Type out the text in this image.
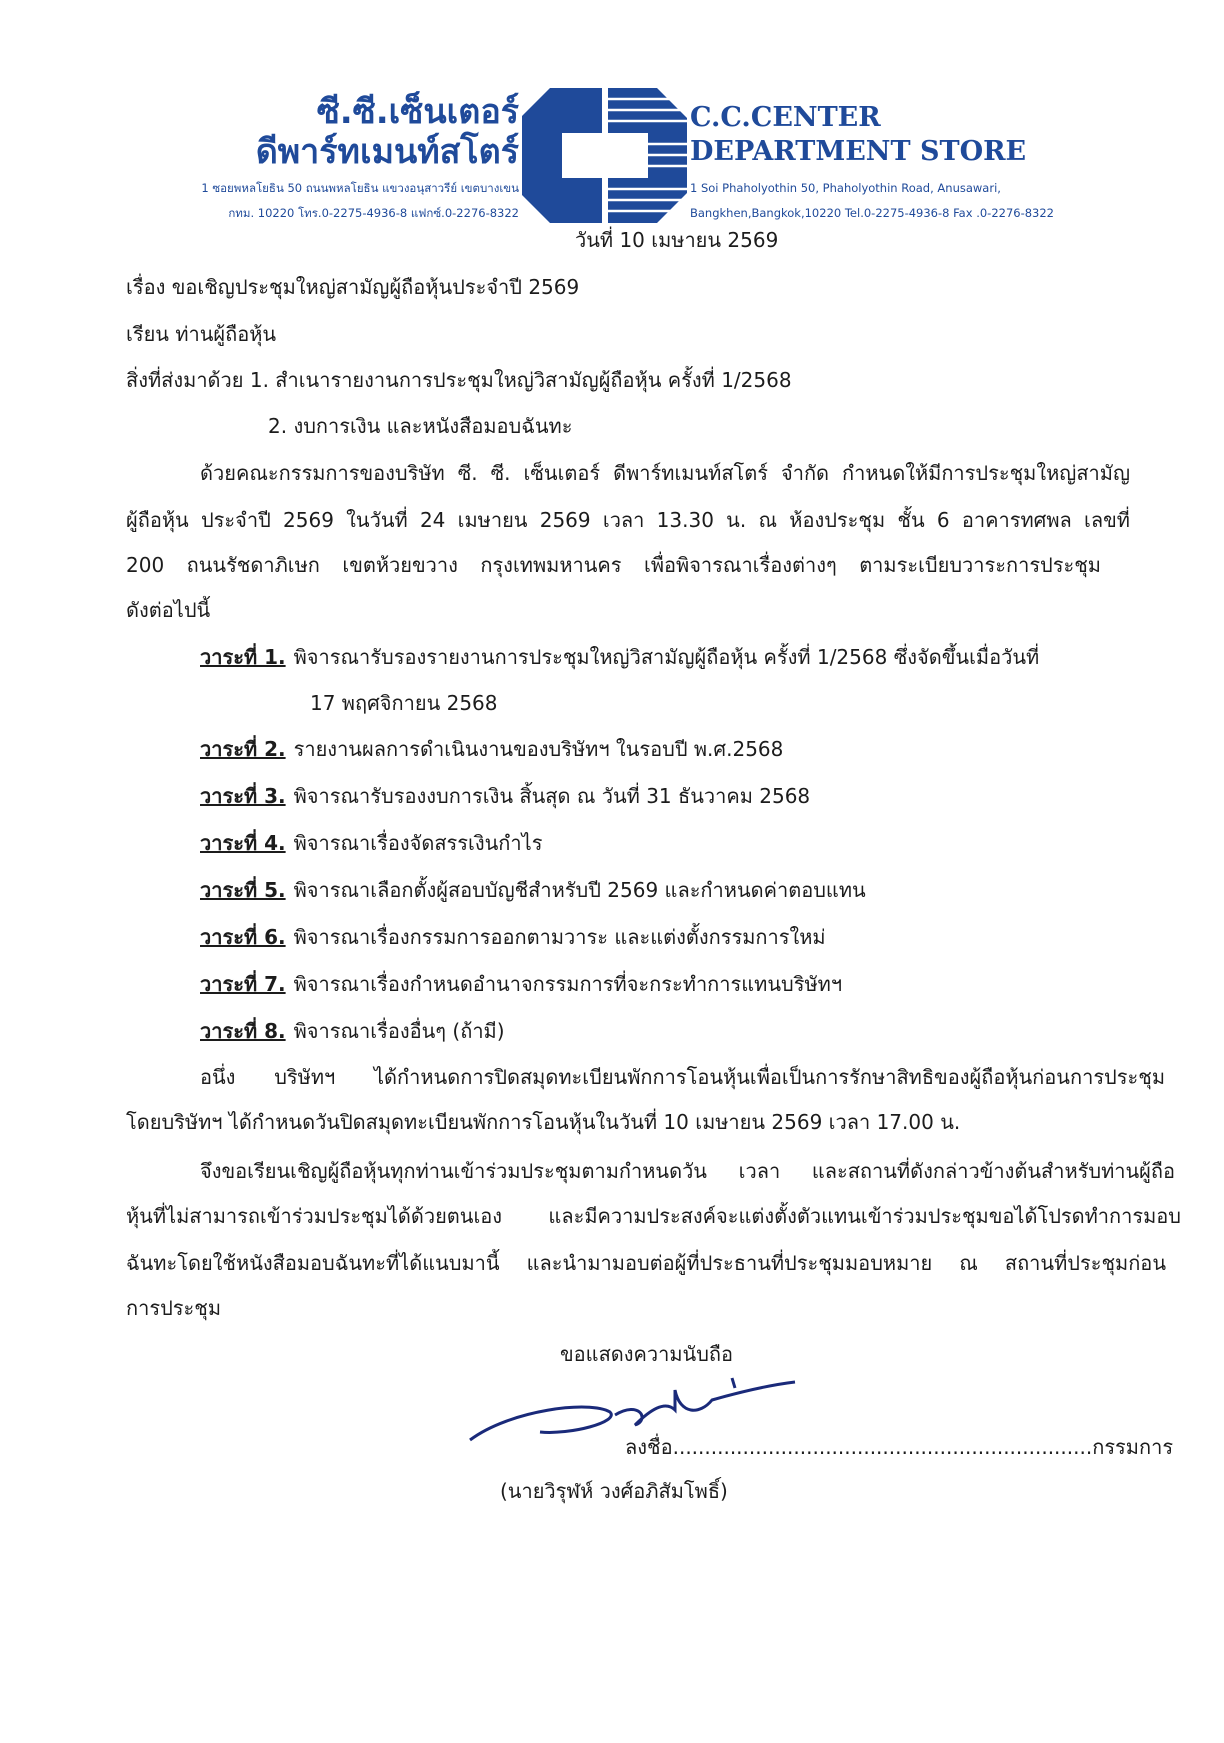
ซี.ซี.เซ็นเตอร์
ดีพาร์ทเมนท์สโตร์
1 ซอยพหลโยธิน 50 ถนนพหลโยธิน แขวงอนุสาวรีย์ เขตบางเขน
กทม. 10220 โทร.0-2275-4936-8 แฟกซ์.0-2276-8322
C.C.CENTER
DEPARTMENT STORE
1 Soi Phaholyothin 50, Phaholyothin Road, Anusawari,
Bangkhen,Bangkok,10220 Tel.0-2275-4936-8 Fax .0-2276-8322
วันที่ 10 เมษายน 2569
เรื่อง ขอเชิญประชุมใหญ่สามัญผู้ถือหุ้นประจำปี 2569
เรียน ท่านผู้ถือหุ้น
สิ่งที่ส่งมาด้วย 1. สำเนารายงานการประชุมใหญ่วิสามัญผู้ถือหุ้น ครั้งที่ 1/2568
2. งบการเงิน และหนังสือมอบฉันทะ
ด้วยคณะกรรมการของบริษัท ซี. ซี. เซ็นเตอร์ ดีพาร์ทเมนท์สโตร์ จำกัด กำหนดให้มีการประชุมใหญ่สามัญ
ผู้ถือหุ้น ประจำปี 2569 ในวันที่ 24 เมษายน 2569 เวลา 13.30 น. ณ ห้องประชุม ชั้น 6 อาคารทศพล เลขที่
200 ถนนรัชดาภิเษก เขตห้วยขวาง กรุงเทพมหานคร เพื่อพิจารณาเรื่องต่างๆ ตามระเบียบวาระการประชุม
ดังต่อไปนี้
วาระที่ 1. พิจารณารับรองรายงานการประชุมใหญ่วิสามัญผู้ถือหุ้น ครั้งที่ 1/2568 ซึ่งจัดขึ้นเมื่อวันที่
17 พฤศจิกายน 2568
วาระที่ 2. รายงานผลการดำเนินงานของบริษัทฯ ในรอบปี พ.ศ.2568
วาระที่ 3. พิจารณารับรองงบการเงิน สิ้นสุด ณ วันที่ 31 ธันวาคม 2568
วาระที่ 4. พิจารณาเรื่องจัดสรรเงินกำไร
วาระที่ 5. พิจารณาเลือกตั้งผู้สอบบัญชีสำหรับปี 2569 และกำหนดค่าตอบแทน
วาระที่ 6. พิจารณาเรื่องกรรมการออกตามวาระ และแต่งตั้งกรรมการใหม่
วาระที่ 7. พิจารณาเรื่องกำหนดอำนาจกรรมการที่จะกระทำการแทนบริษัทฯ
วาระที่ 8. พิจารณาเรื่องอื่นๆ (ถ้ามี)
อนึ่ง บริษัทฯ ได้กำหนดการปิดสมุดทะเบียนพักการโอนหุ้นเพื่อเป็นการรักษาสิทธิของผู้ถือหุ้นก่อนการประชุม
โดยบริษัทฯ ได้กำหนดวันปิดสมุดทะเบียนพักการโอนหุ้นในวันที่ 10 เมษายน 2569 เวลา 17.00 น.
จึงขอเรียนเชิญผู้ถือหุ้นทุกท่านเข้าร่วมประชุมตามกำหนดวัน เวลา และสถานที่ดังกล่าวข้างต้นสำหรับท่านผู้ถือ
หุ้นที่ไม่สามารถเข้าร่วมประชุมได้ด้วยตนเอง และมีความประสงค์จะแต่งตั้งตัวแทนเข้าร่วมประชุมขอได้โปรดทำการมอบ
ฉันทะโดยใช้หนังสือมอบฉันทะที่ได้แนบมานี้ และนำมามอบต่อผู้ที่ประธานที่ประชุมมอบหมาย ณ สถานที่ประชุมก่อน
การประชุม
ขอแสดงความนับถือ
ลงชื่อ..................................................................กรรมการ
(นายวิรุฬห์ วงศ์อภิสัมโพธิ์)
